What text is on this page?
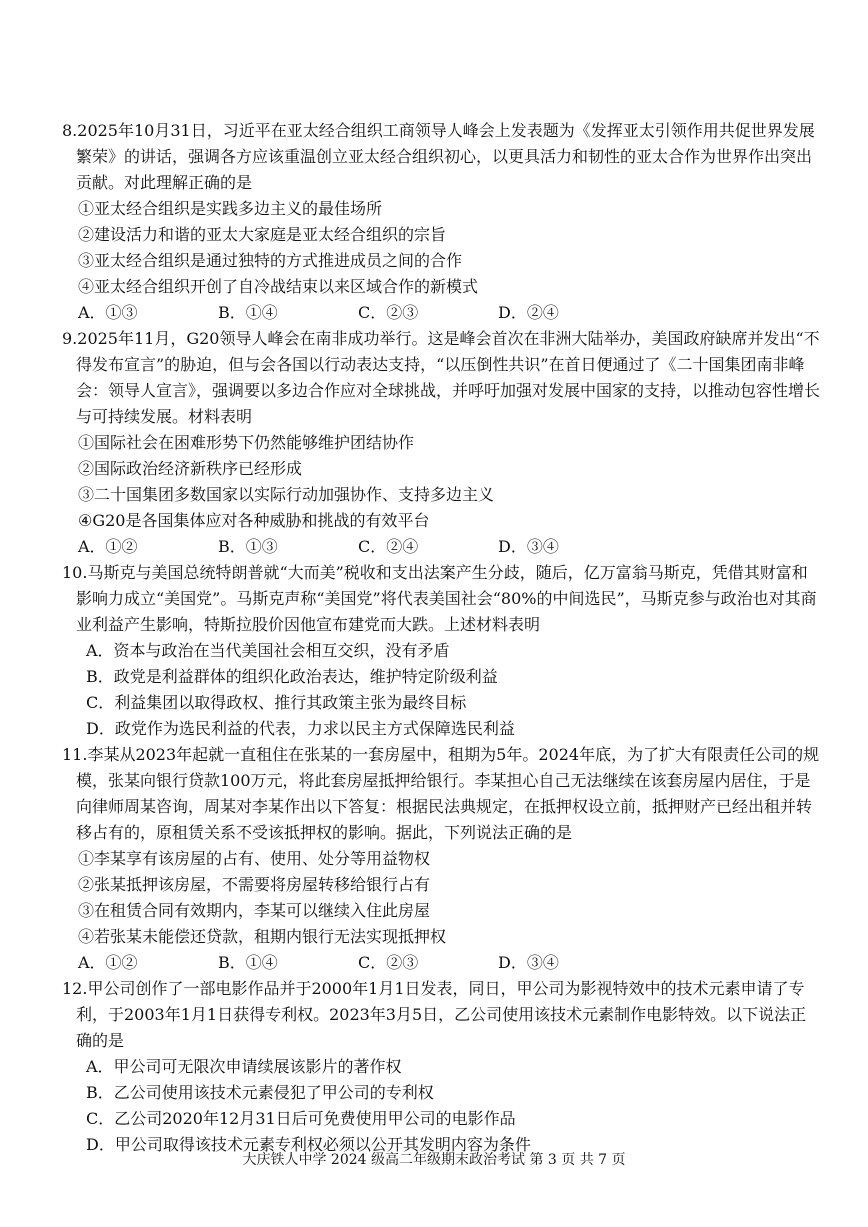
8.2025年10月31日，习近平在亚太经合组织工商领导人峰会上发表题为《发挥亚太引领作用共促世界发展繁荣》的讲话，强调各方应该重温创立亚太经合组织初心，以更具活力和韧性的亚太合作为世界作出突出贡献。对此理解正确的是
①亚太经合组织是实践多边主义的最佳场所
②建设活力和谐的亚太大家庭是亚太经合组织的宗旨
③亚太经合组织是通过独特的方式推进成员之间的合作
④亚太经合组织开创了自冷战结束以来区域合作的新模式
A．①③	B．①④	C．②③	D．②④
9.2025年11月，G20领导人峰会在南非成功举行。这是峰会首次在非洲大陆举办，美国政府缺席并发出“不得发布宣言”的胁迫，但与会各国以行动表达支持，“以压倒性共识”在首日便通过了《二十国集团南非峰会：领导人宣言》，强调要以多边合作应对全球挑战，并呼吁加强对发展中国家的支持，以推动包容性增长与可持续发展。材料表明
①国际社会在困难形势下仍然能够维护团结协作
②国际政治经济新秩序已经形成
③二十国集团多数国家以实际行动加强协作、支持多边主义
④G20是各国集体应对各种威胁和挑战的有效平台
A．①②	B．①③	C．②④	D．③④
10.马斯克与美国总统特朗普就“大而美”税收和支出法案产生分歧，随后，亿万富翁马斯克，凭借其财富和影响力成立“美国党”。马斯克声称“美国党”将代表美国社会“80%的中间选民”，马斯克参与政治也对其商业利益产生影响，特斯拉股价因他宣布建党而大跌。上述材料表明
A．资本与政治在当代美国社会相互交织，没有矛盾
B．政党是利益群体的组织化政治表达，维护特定阶级利益
C．利益集团以取得政权、推行其政策主张为最终目标
D．政党作为选民利益的代表，力求以民主方式保障选民利益
11.李某从2023年起就一直租住在张某的一套房屋中，租期为5年。2024年底，为了扩大有限责任公司的规模，张某向银行贷款100万元，将此套房屋抵押给银行。李某担心自己无法继续在该套房屋内居住，于是向律师周某咨询，周某对李某作出以下答复：根据民法典规定，在抵押权设立前，抵押财产已经出租并转移占有的，原租赁关系不受该抵押权的影响。据此，下列说法正确的是
①李某享有该房屋的占有、使用、处分等用益物权
②张某抵押该房屋，不需要将房屋转移给银行占有
③在租赁合同有效期内，李某可以继续入住此房屋
④若张某未能偿还贷款，租期内银行无法实现抵押权
A．①②	B．①④	C．②③	D．③④
12.甲公司创作了一部电影作品并于2000年1月1日发表，同日，甲公司为影视特效中的技术元素申请了专利，于2003年1月1日获得专利权。2023年3月5日，乙公司使用该技术元素制作电影特效。以下说法正确的是
A．甲公司可无限次申请续展该影片的著作权
B．乙公司使用该技术元素侵犯了甲公司的专利权
C．乙公司2020年12月31日后可免费使用甲公司的电影作品
D．甲公司取得该技术元素专利权必须以公开其发明内容为条件
大庆铁人中学 2024 级高二年级期末政治考试 第 3 页 共 7 页
